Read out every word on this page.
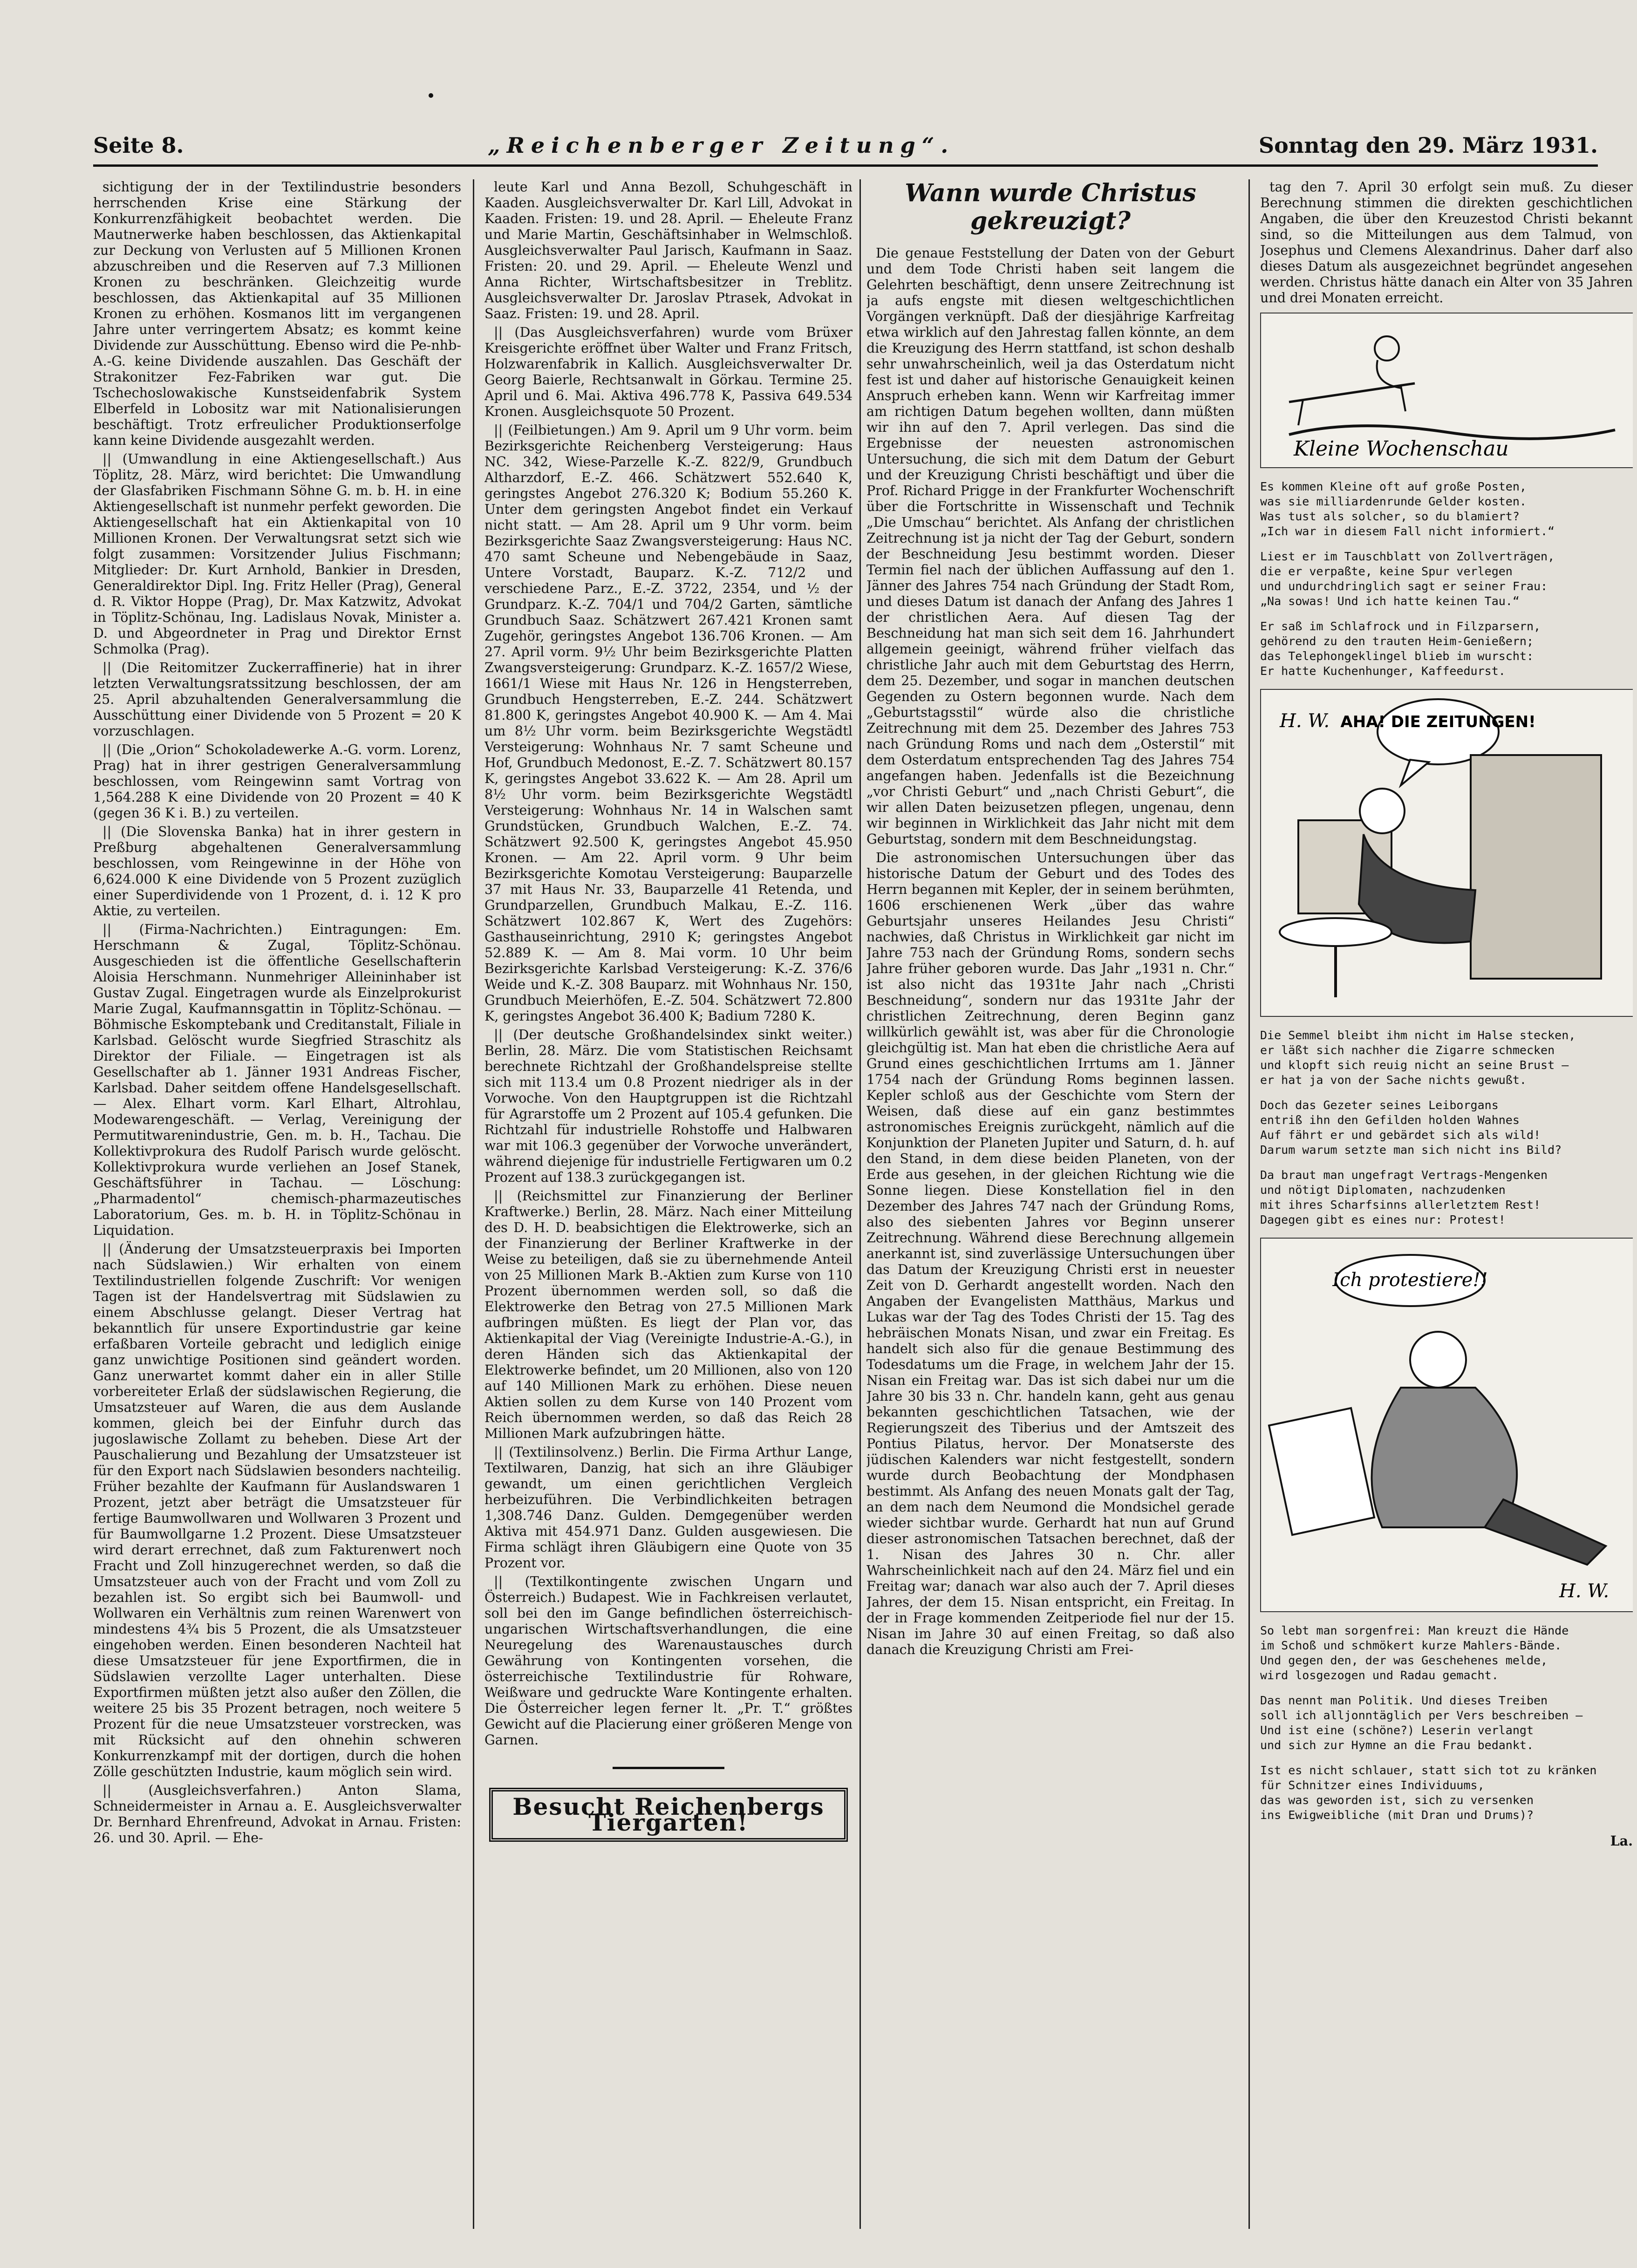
Seite 8.	„Reichenberger Zeitung“.	Sonntag den 29. März 1931.

sichtigung der in der Textilindustrie besonders herrschenden Krise eine Stärkung der Konkurrenzfähigkeit beobachtet werden. Die Mautnerwerke haben beschlossen, das Aktienkapital zur Deckung von Verlusten auf 5 Millionen Kronen abzuschreiben und die Reserven auf 7.3 Millionen Kronen zu beschränken. Gleichzeitig wurde beschlossen, das Aktienkapital auf 35 Millionen Kronen zu erhöhen. Kosmanos litt im vergangenen Jahre unter verringertem Absatz; es kommt keine Dividende zur Ausschüttung. Ebenso wird die Pe-nhb-A.-G. keine Dividende auszahlen. Das Geschäft der Strakonitzer Fez-Fabriken war gut. Die Tschechoslowakische Kunstseidenfabrik System Elberfeld in Lobositz war mit Nationalisierungen beschäftigt. Trotz erfreulicher Produktionserfolge kann keine Dividende ausgezahlt werden.

|| (Umwandlung in eine Aktiengesellschaft.) Aus Töplitz, 28. März, wird berichtet: Die Umwandlung der Glasfabriken Fischmann Söhne G. m. b. H. in eine Aktiengesellschaft ist nunmehr perfekt geworden. Die Aktiengesellschaft hat ein Aktienkapital von 10 Millionen Kronen. Der Verwaltungsrat setzt sich wie folgt zusammen: Vorsitzender Julius Fischmann; Mitglieder: Dr. Kurt Arnhold, Bankier in Dresden, Generaldirektor Dipl. Ing. Fritz Heller (Prag), General d. R. Viktor Hoppe (Prag), Dr. Max Katzwitz, Advokat in Töplitz-Schönau, Ing. Ladislaus Novak, Minister a. D. und Abgeordneter in Prag und Direktor Ernst Schmolka (Prag).

|| (Die Reitomitzer Zuckerraffinerie) hat in ihrer letzten Verwaltungsratssitzung beschlossen, der am 25. April abzuhaltenden Generalversammlung die Ausschüttung einer Dividende von 5 Prozent = 20 K vorzuschlagen.

|| (Die „Orion“ Schokoladewerke A.-G. vorm. Lorenz, Prag) hat in ihrer gestrigen Generalversammlung beschlossen, vom Reingewinn samt Vortrag von 1,564.288 K eine Dividende von 20 Prozent = 40 K (gegen 36 K i. B.) zu verteilen.

|| (Die Slovenska Banka) hat in ihrer gestern in Preßburg abgehaltenen Generalversammlung beschlossen, vom Reingewinne in der Höhe von 6,624.000 K eine Dividende von 5 Prozent zuzüglich einer Superdividende von 1 Prozent, d. i. 12 K pro Aktie, zu verteilen.

|| (Firma-Nachrichten.) Eintragungen: Em. Herschmann & Zugal, Töplitz-Schönau. Ausgeschieden ist die öffentliche Gesellschafterin Aloisia Herschmann. Nunmehriger Alleininhaber ist Gustav Zugal. Eingetragen wurde als Einzelprokurist Marie Zugal, Kaufmannsgattin in Töplitz-Schönau. — Böhmische Eskomptebank und Creditanstalt, Filiale in Karlsbad. Gelöscht wurde Siegfried Straschitz als Direktor der Filiale. — Eingetragen ist als Gesellschafter ab 1. Jänner 1931 Andreas Fischer, Karlsbad. Daher seitdem offene Handelsgesellschaft. — Alex. Elhart vorm. Karl Elhart, Altrohlau, Modewarengeschäft. — Verlag, Vereinigung der Permutitwarenindustrie, Gen. m. b. H., Tachau. Die Kollektivprokura des Rudolf Parisch wurde gelöscht. Kollektivprokura wurde verliehen an Josef Stanek, Geschäftsführer in Tachau. — Löschung: „Pharmadentol“ chemisch-pharmazeutisches Laboratorium, Ges. m. b. H. in Töplitz-Schönau in Liquidation.

|| (Änderung der Umsatzsteuerpraxis bei Importen nach Südslawien.) Wir erhalten von einem Textilindustriellen folgende Zuschrift: Vor wenigen Tagen ist der Handelsvertrag mit Südslawien zu einem Abschlusse gelangt. Dieser Vertrag hat bekanntlich für unsere Exportindustrie gar keine erfaßbaren Vorteile gebracht und lediglich einige ganz unwichtige Positionen sind geändert worden. Ganz unerwartet kommt daher ein in aller Stille vorbereiteter Erlaß der südslawischen Regierung, die Umsatzsteuer auf Waren, die aus dem Auslande kommen, gleich bei der Einfuhr durch das jugoslawische Zollamt zu beheben. Diese Art der Pauschalierung und Bezahlung der Umsatzsteuer ist für den Export nach Südslawien besonders nachteilig. Früher bezahlte der Kaufmann für Auslandswaren 1 Prozent, jetzt aber beträgt die Umsatzsteuer für fertige Baumwollwaren und Wollwaren 3 Prozent und für Baumwollgarne 1.2 Prozent. Diese Umsatzsteuer wird derart errechnet, daß zum Fakturenwert noch Fracht und Zoll hinzugerechnet werden, so daß die Umsatzsteuer auch von der Fracht und vom Zoll zu bezahlen ist. So ergibt sich bei Baumwoll- und Wollwaren ein Verhältnis zum reinen Warenwert von mindestens 4¾ bis 5 Prozent, die als Umsatzsteuer eingehoben werden. Einen besonderen Nachteil hat diese Umsatzsteuer für jene Exportfirmen, die in Südslawien verzollte Lager unterhalten. Diese Exportfirmen müßten jetzt also außer den Zöllen, die weitere 25 bis 35 Prozent betragen, noch weitere 5 Prozent für die neue Umsatzsteuer vorstrecken, was mit Rücksicht auf den ohnehin schweren Konkurrenzkampf mit der dortigen, durch die hohen Zölle geschützten Industrie, kaum möglich sein wird.

|| (Ausgleichsverfahren.) Anton Slama, Schneidermeister in Arnau a. E. Ausgleichsverwalter Dr. Bernhard Ehrenfreund, Advokat in Arnau. Fristen: 26. und 30. April. — Ehe-

leute Karl und Anna Bezoll, Schuhgeschäft in Kaaden. Ausgleichsverwalter Dr. Karl Lill, Advokat in Kaaden. Fristen: 19. und 28. April. — Eheleute Franz und Marie Martin, Geschäftsinhaber in Welmschloß. Ausgleichsverwalter Paul Jarisch, Kaufmann in Saaz. Fristen: 20. und 29. April. — Eheleute Wenzl und Anna Richter, Wirtschaftsbesitzer in Treblitz. Ausgleichsverwalter Dr. Jaroslav Ptrasek, Advokat in Saaz. Fristen: 19. und 28. April.

|| (Das Ausgleichsverfahren) wurde vom Brüxer Kreisgerichte eröffnet über Walter und Franz Fritsch, Holzwarenfabrik in Kallich. Ausgleichsverwalter Dr. Georg Baierle, Rechtsanwalt in Görkau. Termine 25. April und 6. Mai. Aktiva 496.778 K, Passiva 649.534 Kronen. Ausgleichsquote 50 Prozent.

|| (Feilbietungen.) Am 9. April um 9 Uhr vorm. beim Bezirksgerichte Reichenberg Versteigerung: Haus NC. 342, Wiese-Parzelle K.-Z. 822/9, Grundbuch Altharzdorf, E.-Z. 466. Schätzwert 552.640 K, geringstes Angebot 276.320 K; Bodium 55.260 K. Unter dem geringsten Angebot findet ein Verkauf nicht statt. — Am 28. April um 9 Uhr vorm. beim Bezirksgerichte Saaz Zwangsversteigerung: Haus NC. 470 samt Scheune und Nebengebäude in Saaz, Untere Vorstadt, Bauparz. K.-Z. 712/2 und verschiedene Parz., E.-Z. 3722, 2354, und ½ der Grundparz. K.-Z. 704/1 und 704/2 Garten, sämtliche Grundbuch Saaz. Schätzwert 267.421 Kronen samt Zugehör, geringstes Angebot 136.706 Kronen. — Am 27. April vorm. 9½ Uhr beim Bezirksgerichte Platten Zwangsversteigerung: Grundparz. K.-Z. 1657/2 Wiese, 1661/1 Wiese mit Haus Nr. 126 in Hengsterreben, Grundbuch Hengsterreben, E.-Z. 244. Schätzwert 81.800 K, geringstes Angebot 40.900 K. — Am 4. Mai um 8½ Uhr vorm. beim Bezirksgerichte Wegstädtl Versteigerung: Wohnhaus Nr. 7 samt Scheune und Hof, Grundbuch Medonost, E.-Z. 7. Schätzwert 80.157 K, geringstes Angebot 33.622 K. — Am 28. April um 8½ Uhr vorm. beim Bezirksgerichte Wegstädtl Versteigerung: Wohnhaus Nr. 14 in Walschen samt Grundstücken, Grundbuch Walchen, E.-Z. 74. Schätzwert 92.500 K, geringstes Angebot 45.950 Kronen. — Am 22. April vorm. 9 Uhr beim Bezirksgerichte Komotau Versteigerung: Bauparzelle 37 mit Haus Nr. 33, Bauparzelle 41 Retenda, und Grundparzellen, Grundbuch Malkau, E.-Z. 116. Schätzwert 102.867 K, Wert des Zugehörs: Gasthauseinrichtung, 2910 K; geringstes Angebot 52.889 K. — Am 8. Mai vorm. 10 Uhr beim Bezirksgerichte Karlsbad Versteigerung: K.-Z. 376/6 Weide und K.-Z. 308 Bauparz. mit Wohnhaus Nr. 150, Grundbuch Meierhöfen, E.-Z. 504. Schätzwert 72.800 K, geringstes Angebot 36.400 K; Badium 7280 K.

|| (Der deutsche Großhandelsindex sinkt weiter.) Berlin, 28. März. Die vom Statistischen Reichsamt berechnete Richtzahl der Großhandelspreise stellte sich mit 113.4 um 0.8 Prozent niedriger als in der Vorwoche. Von den Hauptgruppen ist die Richtzahl für Agrarstoffe um 2 Prozent auf 105.4 gefunken. Die Richtzahl für industrielle Rohstoffe und Halbwaren war mit 106.3 gegenüber der Vorwoche unverändert, während diejenige für industrielle Fertigwaren um 0.2 Prozent auf 138.3 zurückgegangen ist.

|| (Reichsmittel zur Finanzierung der Berliner Kraftwerke.) Berlin, 28. März. Nach einer Mitteilung des D. H. D. beabsichtigen die Elektrowerke, sich an der Finanzierung der Berliner Kraftwerke in der Weise zu beteiligen, daß sie zu übernehmende Anteil von 25 Millionen Mark B.-Aktien zum Kurse von 110 Prozent übernommen werden soll, so daß die Elektrowerke den Betrag von 27.5 Millionen Mark aufbringen müßten. Es liegt der Plan vor, das Aktienkapital der Viag (Vereinigte Industrie-A.-G.), in deren Händen sich das Aktienkapital der Elektrowerke befindet, um 20 Millionen, also von 120 auf 140 Millionen Mark zu erhöhen. Diese neuen Aktien sollen zu dem Kurse von 140 Prozent vom Reich übernommen werden, so daß das Reich 28 Millionen Mark aufzubringen hätte.

|| (Textilinsolvenz.) Berlin. Die Firma Arthur Lange, Textilwaren, Danzig, hat sich an ihre Gläubiger gewandt, um einen gerichtlichen Vergleich herbeizuführen. Die Verbindlichkeiten betragen 1,308.746 Danz. Gulden. Demgegenüber werden Aktiva mit 454.971 Danz. Gulden ausgewiesen. Die Firma schlägt ihren Gläubigern eine Quote von 35 Prozent vor.

|| (Textilkontingente zwischen Ungarn und Österreich.) Budapest. Wie in Fachkreisen verlautet, soll bei den im Gange befindlichen österreichisch-ungarischen Wirtschaftsverhandlungen, die eine Neuregelung des Warenaustausches durch Gewährung von Kontingenten vorsehen, die österreichische Textilindustrie für Rohware, Weißware und gedruckte Ware Kontingente erhalten. Die Österreicher legen ferner lt. „Pr. T.“ größtes Gewicht auf die Placierung einer größeren Menge von Garnen.

Besucht Reichenbergs Tiergarten!
Wann wurde Christus gekreuzigt?

Die genaue Feststellung der Daten von der Geburt und dem Tode Christi haben seit langem die Gelehrten beschäftigt, denn unsere Zeitrechnung ist ja aufs engste mit diesen weltgeschichtlichen Vorgängen verknüpft. Daß der diesjährige Karfreitag etwa wirklich auf den Jahrestag fallen könnte, an dem die Kreuzigung des Herrn stattfand, ist schon deshalb sehr unwahrscheinlich, weil ja das Osterdatum nicht fest ist und daher auf historische Genauigkeit keinen Anspruch erheben kann. Wenn wir Karfreitag immer am richtigen Datum begehen wollten, dann müßten wir ihn auf den 7. April verlegen. Das sind die Ergebnisse der neuesten astronomischen Untersuchung, die sich mit dem Datum der Geburt und der Kreuzigung Christi beschäftigt und über die Prof. Richard Prigge in der Frankfurter Wochenschrift über die Fortschritte in Wissenschaft und Technik „Die Umschau“ berichtet. Als Anfang der christlichen Zeitrechnung ist ja nicht der Tag der Geburt, sondern der Beschneidung Jesu bestimmt worden. Dieser Termin fiel nach der üblichen Auffassung auf den 1. Jänner des Jahres 754 nach Gründung der Stadt Rom, und dieses Datum ist danach der Anfang des Jahres 1 der christlichen Aera. Auf diesen Tag der Beschneidung hat man sich seit dem 16. Jahrhundert allgemein geeinigt, während früher vielfach das christliche Jahr auch mit dem Geburtstag des Herrn, dem 25. Dezember, und sogar in manchen deutschen Gegenden zu Ostern begonnen wurde. Nach dem „Geburtstagsstil“ würde also die christliche Zeitrechnung mit dem 25. Dezember des Jahres 753 nach Gründung Roms und nach dem „Osterstil“ mit dem Osterdatum entsprechenden Tag des Jahres 754 angefangen haben. Jedenfalls ist die Bezeichnung „vor Christi Geburt“ und „nach Christi Geburt“, die wir allen Daten beizusetzen pflegen, ungenau, denn wir beginnen in Wirklichkeit das Jahr nicht mit dem Geburtstag, sondern mit dem Beschneidungstag.

Die astronomischen Untersuchungen über das historische Datum der Geburt und des Todes des Herrn begannen mit Kepler, der in seinem berühmten, 1606 erschienenen Werk „über das wahre Geburtsjahr unseres Heilandes Jesu Christi“ nachwies, daß Christus in Wirklichkeit gar nicht im Jahre 753 nach der Gründung Roms, sondern sechs Jahre früher geboren wurde. Das Jahr „1931 n. Chr.“ ist also nicht das 1931te Jahr nach „Christi Beschneidung“, sondern nur das 1931te Jahr der christlichen Zeitrechnung, deren Beginn ganz willkürlich gewählt ist, was aber für die Chronologie gleichgültig ist. Man hat eben die christliche Aera auf Grund eines geschichtlichen Irrtums am 1. Jänner 1754 nach der Gründung Roms beginnen lassen. Kepler schloß aus der Geschichte vom Stern der Weisen, daß diese auf ein ganz bestimmtes astronomisches Ereignis zurückgeht, nämlich auf die Konjunktion der Planeten Jupiter und Saturn, d. h. auf den Stand, in dem diese beiden Planeten, von der Erde aus gesehen, in der gleichen Richtung wie die Sonne liegen. Diese Konstellation fiel in den Dezember des Jahres 747 nach der Gründung Roms, also des siebenten Jahres vor Beginn unserer Zeitrechnung. Während diese Berechnung allgemein anerkannt ist, sind zuverlässige Untersuchungen über das Datum der Kreuzigung Christi erst in neuester Zeit von D. Gerhardt angestellt worden. Nach den Angaben der Evangelisten Matthäus, Markus und Lukas war der Tag des Todes Christi der 15. Tag des hebräischen Monats Nisan, und zwar ein Freitag. Es handelt sich also für die genaue Bestimmung des Todesdatums um die Frage, in welchem Jahr der 15. Nisan ein Freitag war. Das ist sich dabei nur um die Jahre 30 bis 33 n. Chr. handeln kann, geht aus genau bekannten geschichtlichen Tatsachen, wie der Regierungszeit des Tiberius und der Amtszeit des Pontius Pilatus, hervor. Der Monatserste des jüdischen Kalenders war nicht festgestellt, sondern wurde durch Beobachtung der Mondphasen bestimmt. Als Anfang des neuen Monats galt der Tag, an dem nach dem Neumond die Mondsichel gerade wieder sichtbar wurde. Gerhardt hat nun auf Grund dieser astronomischen Tatsachen berechnet, daß der 1. Nisan des Jahres 30 n. Chr. aller Wahrscheinlichkeit nach auf den 24. März fiel und ein Freitag war; danach war also auch der 7. April dieses Jahres, der dem 15. Nisan entspricht, ein Freitag. In der in Frage kommenden Zeitperiode fiel nur der 15. Nisan im Jahre 30 auf einen Freitag, so daß also danach die Kreuzigung Christi am Frei-

tag den 7. April 30 erfolgt sein muß. Zu dieser Berechnung stimmen die direkten geschichtlichen Angaben, die über den Kreuzestod Christi bekannt sind, so die Mitteilungen aus dem Talmud, von Josephus und Clemens Alexandrinus. Daher darf also dieses Datum als ausgezeichnet begründet angesehen werden. Christus hätte danach ein Alter von 35 Jahren und drei Monaten erreicht.

Kleine Wochenschau
Es kommen Kleine oft auf große Posten,
was sie milliardenrunde Gelder kosten.
Was tust als solcher, so du blamiert?
„Ich war in diesem Fall nicht informiert.“
Liest er im Tauschblatt von Zollverträgen,
die er verpaßte, keine Spur verlegen
und undurchdringlich sagt er seiner Frau:
„Na sowas! Und ich hatte keinen Tau.“
Er saß im Schlafrock und in Filzparsern,
gehörend zu den trauten Heim-Genießern;
das Telephongeklingel blieb im wurscht:
Er hatte Kuchenhunger, Kaffeedurst.
AHA! DIE ZEITUNGEN!
H. W.
Die Semmel bleibt ihm nicht im Halse stecken,
er läßt sich nachher die Zigarre schmecken
und klopft sich reuig nicht an seine Brust —
er hat ja von der Sache nichts gewußt.
Doch das Gezeter seines Leiborgans
entriß ihn den Gefilden holden Wahnes
Auf fährt er und gebärdet sich als wild!
Darum warum setzte man sich nicht ins Bild?
Da braut man ungefragt Vertrags-Mengenken
und nötigt Diplomaten, nachzudenken
mit ihres Scharfsinns allerletztem Rest!
Dagegen gibt es eines nur: Protest!
Ich protestiere!!
H. W.
So lebt man sorgenfrei: Man kreuzt die Hände
im Schoß und schmökert kurze Mahlers-Bände.
Und gegen den, der was Geschehenes melde,
wird losgezogen und Radau gemacht.
Das nennt man Politik. Und dieses Treiben
soll ich alljonntäglich per Vers beschreiben —
Und ist eine (schöne?) Leserin verlangt
und sich zur Hymne an die Frau bedankt.
Ist es nicht schlauer, statt sich tot zu kränken
für Schnitzer eines Individuums,
das was geworden ist, sich zu versenken
ins Ewigweibliche (mit Dran und Drums)?
La.
